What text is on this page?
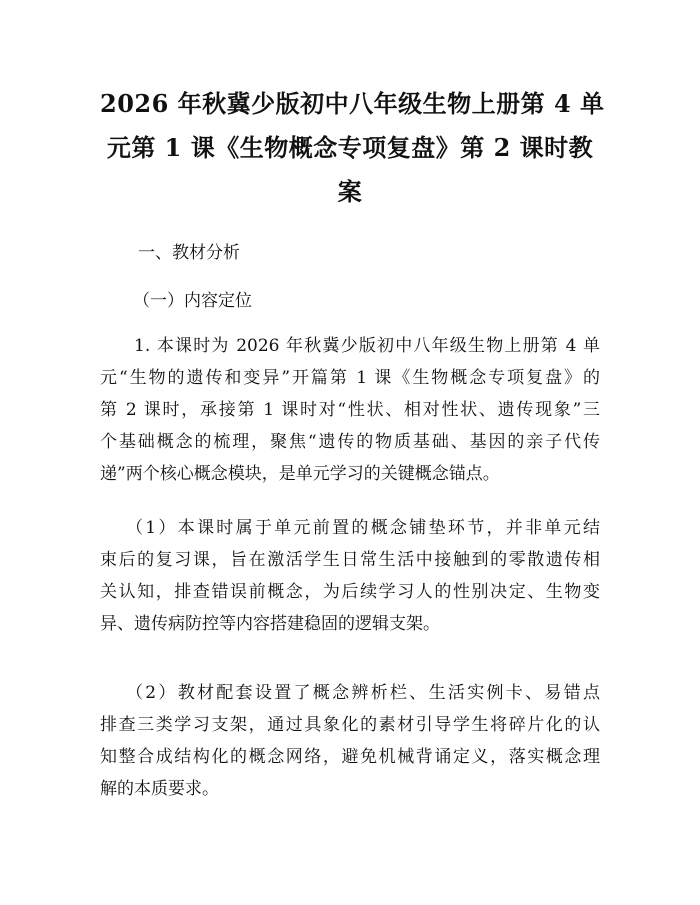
2026 年秋冀少版初中八年级生物上册第 4 单
元第 1 课《生物概念专项复盘》第 2 课时教
案

一、教材分析

（一）内容定位

1. 本课时为 2026 年秋冀少版初中八年级生物上册第 4 单
元“生物的遗传和变异”开篇第 1 课《生物概念专项复盘》的
第 2 课时，承接第 1 课时对“性状、相对性状、遗传现象”三
个基础概念的梳理，聚焦“遗传的物质基础、基因的亲子代传
递”两个核心概念模块，是单元学习的关键概念锚点。
（1）本课时属于单元前置的概念铺垫环节，并非单元结
束后的复习课，旨在激活学生日常生活中接触到的零散遗传相
关认知，排查错误前概念，为后续学习人的性别决定、生物变
异、遗传病防控等内容搭建稳固的逻辑支架。
（2）教材配套设置了概念辨析栏、生活实例卡、易错点
排查三类学习支架，通过具象化的素材引导学生将碎片化的认
知整合成结构化的概念网络，避免机械背诵定义，落实概念理
解的本质要求。
